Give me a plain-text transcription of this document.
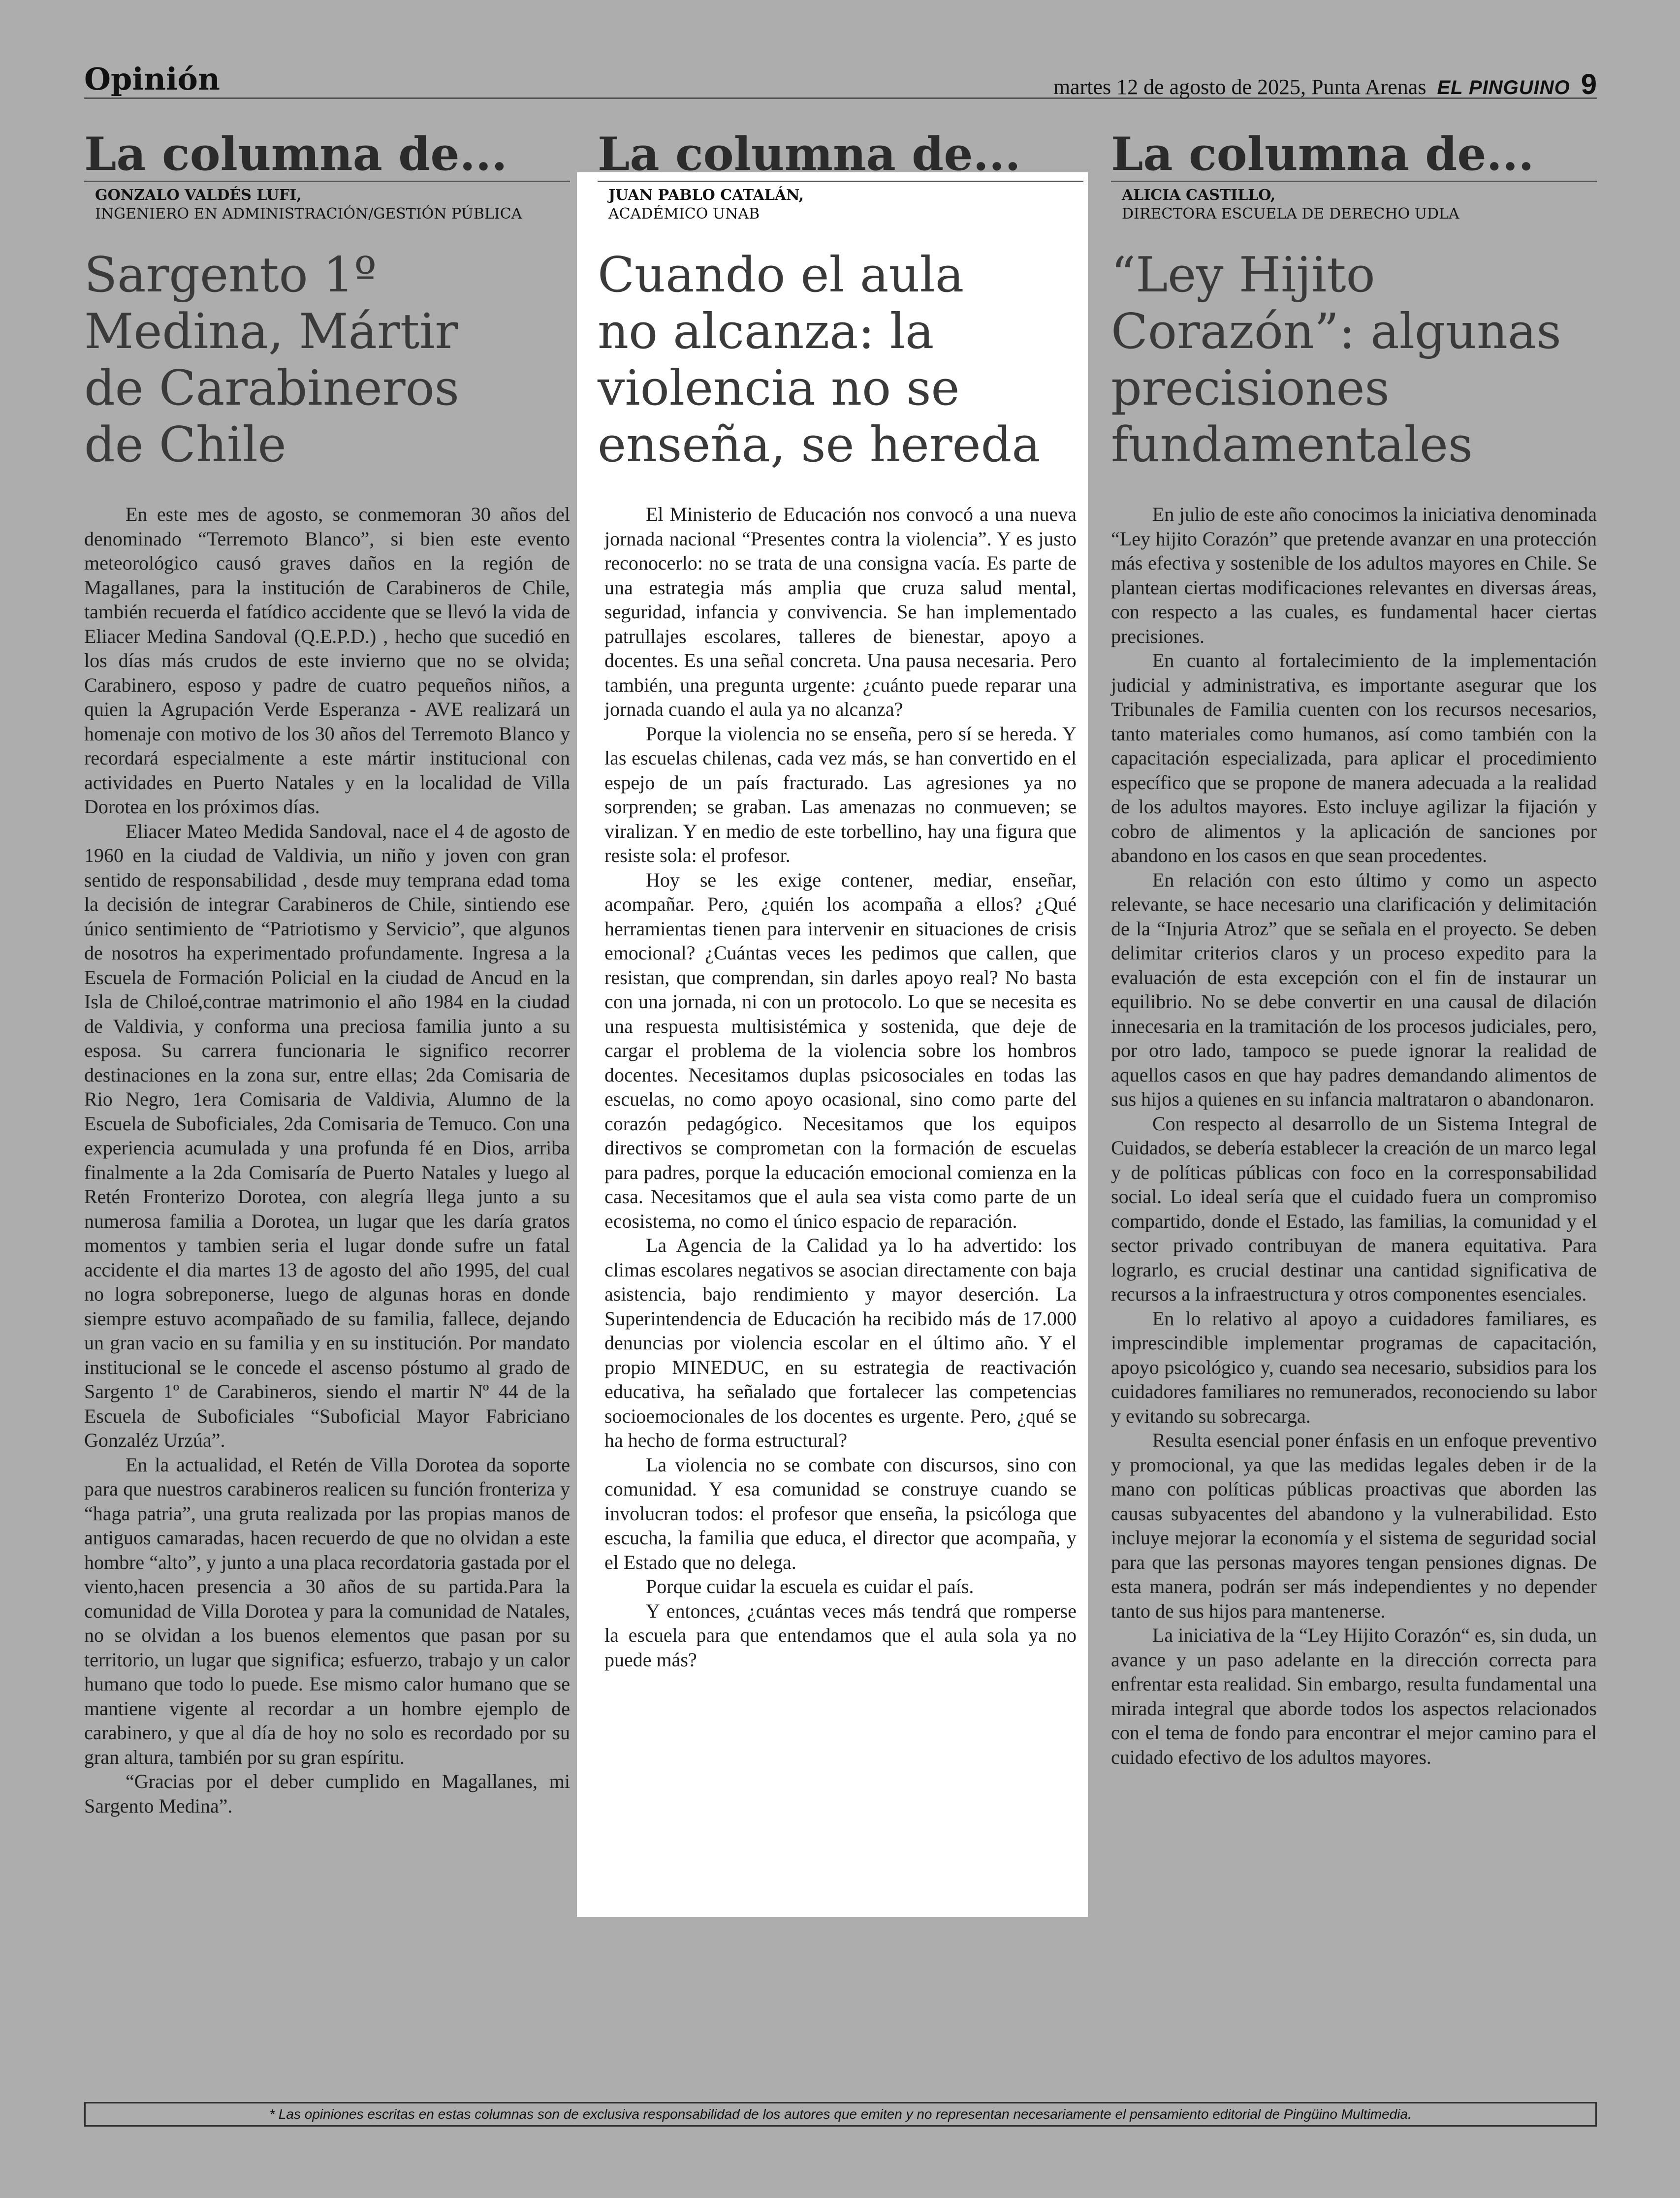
Opinión	martes 12 de agosto de 2025, Punta Arenas EL PINGUINO 9
La columna de...
GONZALO VALDÉS LUFI,
INGENIERO EN ADMINISTRACIÓN/GESTIÓN PÚBLICA
Sargento 1º
Medina, Mártir
de Carabineros
de Chile

En este mes de agosto, se conmemoran 30 años del denominado “Terremoto Blanco”, si bien este evento meteorológico causó graves daños en la región de Magallanes, para la institución de Carabineros de Chile, también recuerda el fatídico accidente que se llevó la vida de Eliacer Medina Sandoval (Q.E.P.D.) , hecho que sucedió en los días más crudos de este invierno que no se olvida; Carabinero, esposo y padre de cuatro pequeños niños, a quien la Agrupación Verde Esperanza - AVE realizará un homenaje con motivo de los 30 años del Terremoto Blanco y recordará especialmente a este mártir institucional con actividades en Puerto Natales y en la localidad de Villa Dorotea en los próximos días.

Eliacer Mateo Medida Sandoval, nace el 4 de agosto de 1960 en la ciudad de Valdivia, un niño y joven con gran sentido de responsabilidad , desde muy temprana edad toma la decisión de integrar Carabineros de Chile, sintiendo ese único sentimiento de “Patriotismo y Servicio”, que algunos de nosotros ha experimentado profundamente. Ingresa a la Escuela de Formación Policial en la ciudad de Ancud en la Isla de Chiloé,contrae matrimonio el año 1984 en la ciudad de Valdivia, y conforma una preciosa familia junto a su esposa. Su carrera funcionaria le significo recorrer destinaciones en la zona sur, entre ellas; 2da Comisaria de Rio Negro, 1era Comisaria de Valdivia, Alumno de la Escuela de Suboficiales, 2da Comisaria de Temuco. Con una experiencia acumulada y una profunda fé en Dios, arriba finalmente a la 2da Comisaría de Puerto Natales y luego al Retén Fronterizo Dorotea, con alegría llega junto a su numerosa familia a Dorotea, un lugar que les daría gratos momentos y tambien seria el lugar donde sufre un fatal accidente el dia martes 13 de agosto del año 1995, del cual no logra sobreponerse, luego de algunas horas en donde siempre estuvo acompañado de su familia, fallece, dejando un gran vacio en su familia y en su institución. Por mandato institucional se le concede el ascenso póstumo al grado de Sargento 1º de Carabineros, siendo el martir Nº 44 de la Escuela de Suboficiales “Suboficial Mayor Fabriciano Gonzaléz Urzúa”.

En la actualidad, el Retén de Villa Dorotea da soporte para que nuestros carabineros realicen su función fronteriza y “haga patria”, una gruta realizada por las propias manos de antiguos camaradas, hacen recuerdo de que no olvidan a este hombre “alto”, y junto a una placa recordatoria gastada por el viento,hacen presencia a 30 años de su partida.Para la comunidad de Villa Dorotea y para la comunidad de Natales, no se olvidan a los buenos elementos que pasan por su territorio, un lugar que significa; esfuerzo, trabajo y un calor humano que todo lo puede. Ese mismo calor humano que se mantiene vigente al recordar a un hombre ejemplo de carabinero, y que al día de hoy no solo es recordado por su gran altura, también por su gran espíritu.

“Gracias por el deber cumplido en Magallanes, mi Sargento Medina”.

La columna de...
JUAN PABLO CATALÁN,
ACADÉMICO UNAB
Cuando el aula
no alcanza: la
violencia no se
enseña, se hereda

El Ministerio de Educación nos convocó a una nueva jornada nacional “Presentes contra la violencia”. Y es justo reconocerlo: no se trata de una consigna vacía. Es parte de una estrategia más amplia que cruza salud mental, seguridad, infancia y convivencia. Se han implementado patrullajes escolares, talleres de bienestar, apoyo a docentes. Es una señal concreta. Una pausa necesaria. Pero también, una pregunta urgente: ¿cuánto puede reparar una jornada cuando el aula ya no alcanza?

Porque la violencia no se enseña, pero sí se hereda. Y las escuelas chilenas, cada vez más, se han convertido en el espejo de un país fracturado. Las agresiones ya no sorprenden; se graban. Las amenazas no conmueven; se viralizan. Y en medio de este torbellino, hay una figura que resiste sola: el profesor.

Hoy se les exige contener, mediar, enseñar, acompañar. Pero, ¿quién los acompaña a ellos? ¿Qué herramientas tienen para intervenir en situaciones de crisis emocional? ¿Cuántas veces les pedimos que callen, que resistan, que comprendan, sin darles apoyo real? No basta con una jornada, ni con un protocolo. Lo que se necesita es una respuesta multisistémica y sostenida, que deje de cargar el problema de la violencia sobre los hombros docentes. Necesitamos duplas psicosociales en todas las escuelas, no como apoyo ocasional, sino como parte del corazón pedagógico. Necesitamos que los equipos directivos se comprometan con la formación de escuelas para padres, porque la educación emocional comienza en la casa. Necesitamos que el aula sea vista como parte de un ecosistema, no como el único espacio de reparación.

La Agencia de la Calidad ya lo ha advertido: los climas escolares negativos se asocian directamente con baja asistencia, bajo rendimiento y mayor deserción. La Superintendencia de Educación ha recibido más de 17.000 denuncias por violencia escolar en el último año. Y el propio MINEDUC, en su estrategia de reactivación educativa, ha señalado que fortalecer las competencias socioemocionales de los docentes es urgente. Pero, ¿qué se ha hecho de forma estructural?

La violencia no se combate con discursos, sino con comunidad. Y esa comunidad se construye cuando se involucran todos: el profesor que enseña, la psicóloga que escucha, la familia que educa, el director que acompaña, y el Estado que no delega.

Porque cuidar la escuela es cuidar el país.

Y entonces, ¿cuántas veces más tendrá que romperse la escuela para que entendamos que el aula sola ya no puede más?

La columna de...
ALICIA CASTILLO,
DIRECTORA ESCUELA DE DERECHO UDLA
“Ley Hijito
Corazón”: algunas
precisiones
fundamentales

En julio de este año conocimos la iniciativa denominada “Ley hijito Corazón” que pretende avanzar en una protección más efectiva y sostenible de los adultos mayores en Chile. Se plantean ciertas modificaciones relevantes en diversas áreas, con respecto a las cuales, es fundamental hacer ciertas precisiones.

En cuanto al fortalecimiento de la implementación judicial y administrativa, es importante asegurar que los Tribunales de Familia cuenten con los recursos necesarios, tanto materiales como humanos, así como también con la capacitación especializada, para aplicar el procedimiento específico que se propone de manera adecuada a la realidad de los adultos mayores. Esto incluye agilizar la fijación y cobro de alimentos y la aplicación de sanciones por abandono en los casos en que sean procedentes.

En relación con esto último y como un aspecto relevante, se hace necesario una clarificación y delimitación de la “Injuria Atroz” que se señala en el proyecto. Se deben delimitar criterios claros y un proceso expedito para la evaluación de esta excepción con el fin de instaurar un equilibrio. No se debe convertir en una causal de dilación innecesaria en la tramitación de los procesos judiciales, pero, por otro lado, tampoco se puede ignorar la realidad de aquellos casos en que hay padres demandando alimentos de sus hijos a quienes en su infancia maltrataron o abandonaron.

Con respecto al desarrollo de un Sistema Integral de Cuidados, se debería establecer la creación de un marco legal y de políticas públicas con foco en la corresponsabilidad social. Lo ideal sería que el cuidado fuera un compromiso compartido, donde el Estado, las familias, la comunidad y el sector privado contribuyan de manera equitativa. Para lograrlo, es crucial destinar una cantidad significativa de recursos a la infraestructura y otros componentes esenciales.

En lo relativo al apoyo a cuidadores familiares, es imprescindible implementar programas de capacitación, apoyo psicológico y, cuando sea necesario, subsidios para los cuidadores familiares no remunerados, reconociendo su labor y evitando su sobrecarga.

Resulta esencial poner énfasis en un enfoque preventivo y promocional, ya que las medidas legales deben ir de la mano con políticas públicas proactivas que aborden las causas subyacentes del abandono y la vulnerabilidad. Esto incluye mejorar la economía y el sistema de seguridad social para que las personas mayores tengan pensiones dignas. De esta manera, podrán ser más independientes y no depender tanto de sus hijos para mantenerse.

La iniciativa de la “Ley Hijito Corazón“ es, sin duda, un avance y un paso adelante en la dirección correcta para enfrentar esta realidad. Sin embargo, resulta fundamental una mirada integral que aborde todos los aspectos relacionados con el tema de fondo para encontrar el mejor camino para el cuidado efectivo de los adultos mayores.

* Las opiniones escritas en estas columnas son de exclusiva responsabilidad de los autores que emiten y no representan necesariamente el pensamiento editorial de Pingüino Multimedia.
